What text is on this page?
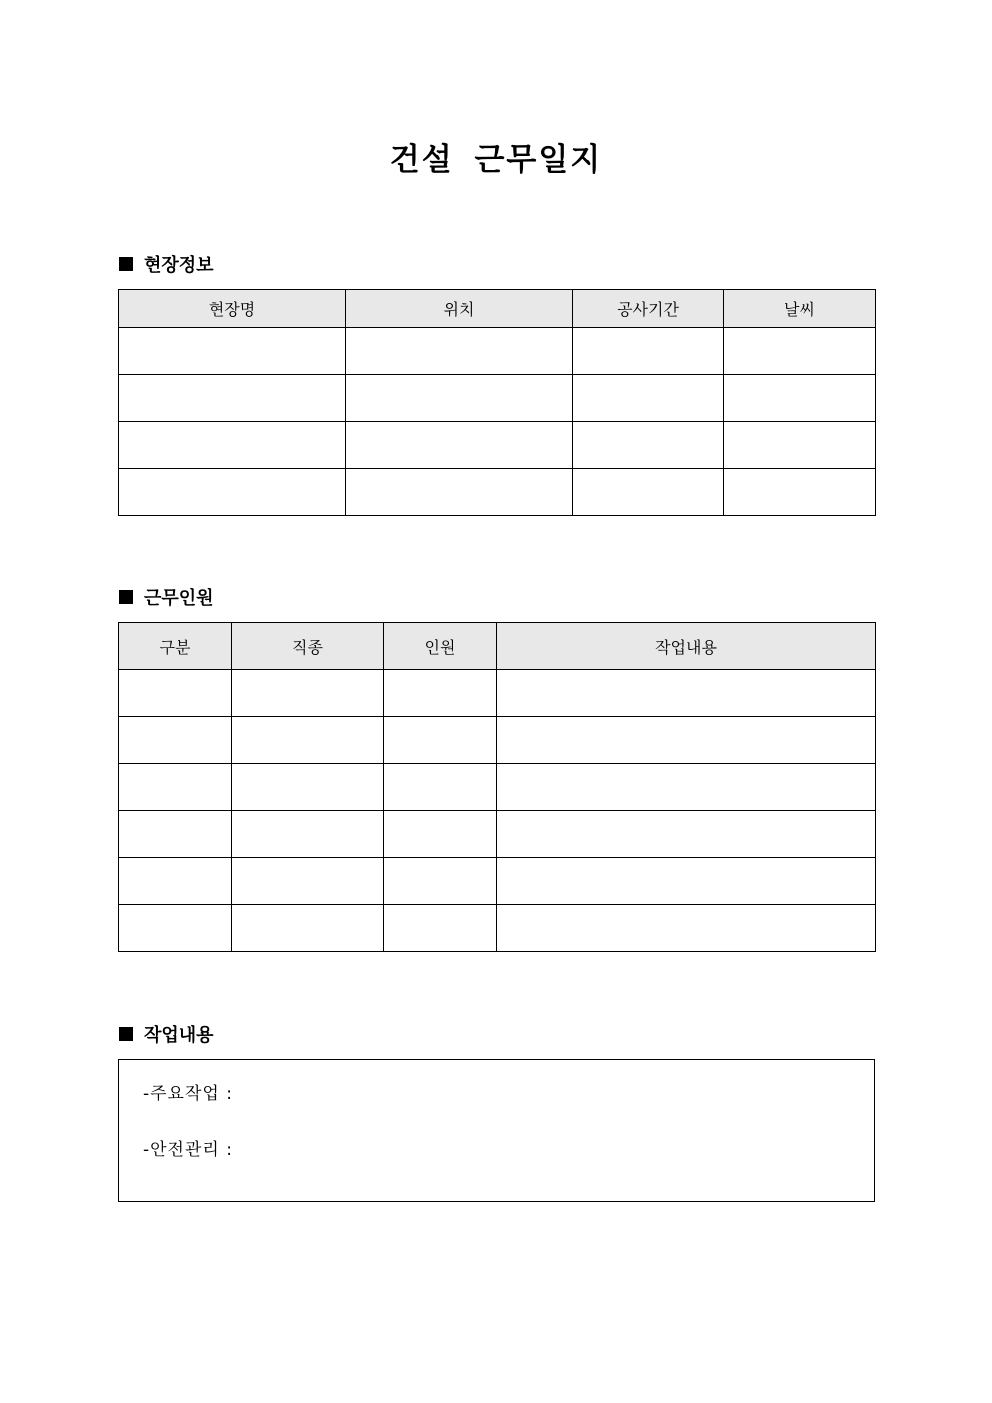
건설 근무일지
현장정보
현장명	위치	공사기간	날씨

근무인원
구분	직종	인원	작업내용

작업내용
-주요작업 :
-안전관리 :
